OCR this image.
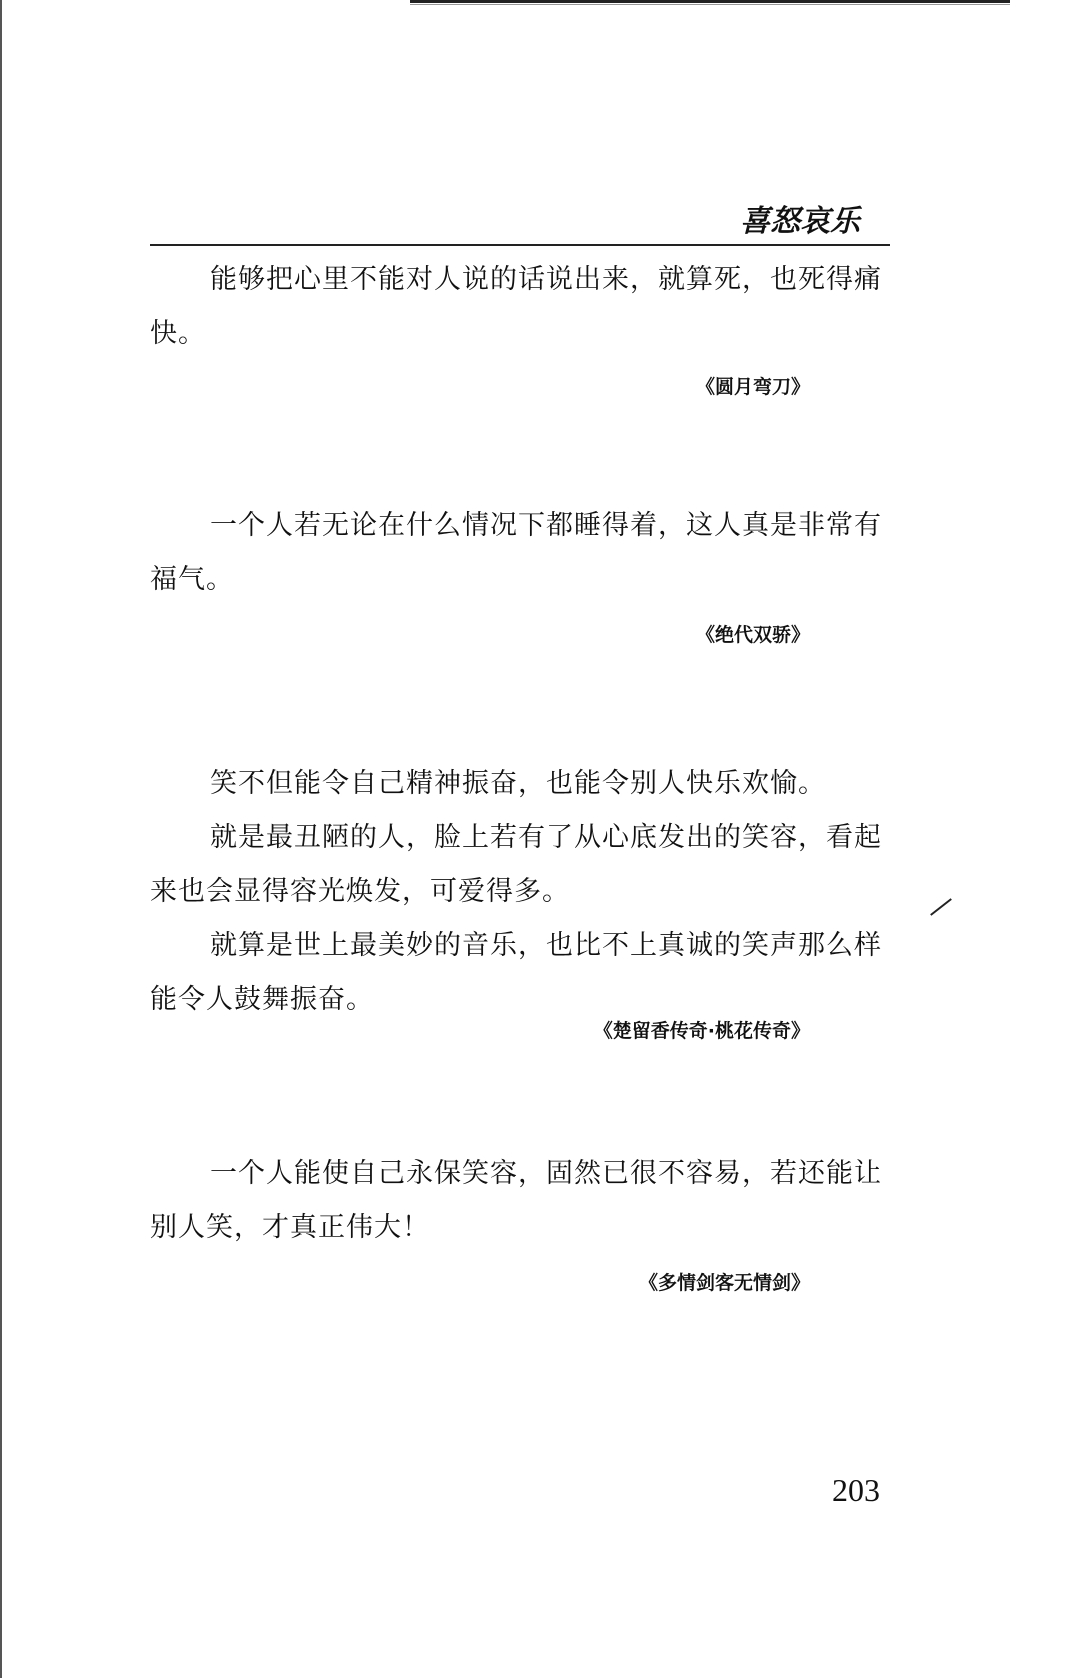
喜怒哀乐

能够把心里不能对人说的话说出来，就算死，也死得痛快。

《圆月弯刀》

一个人若无论在什么情况下都睡得着，这人真是非常有福气。

《绝代双骄》

笑不但能令自己精神振奋，也能令别人快乐欢愉。

就是最丑陋的人，脸上若有了从心底发出的笑容，看起来也会显得容光焕发，可爱得多。

就算是世上最美妙的音乐，也比不上真诚的笑声那么样能令人鼓舞振奋。

《楚留香传奇·桃花传奇》

一个人能使自己永保笑容，固然已很不容易，若还能让别人笑，才真正伟大！

《多情剑客无情剑》
203
